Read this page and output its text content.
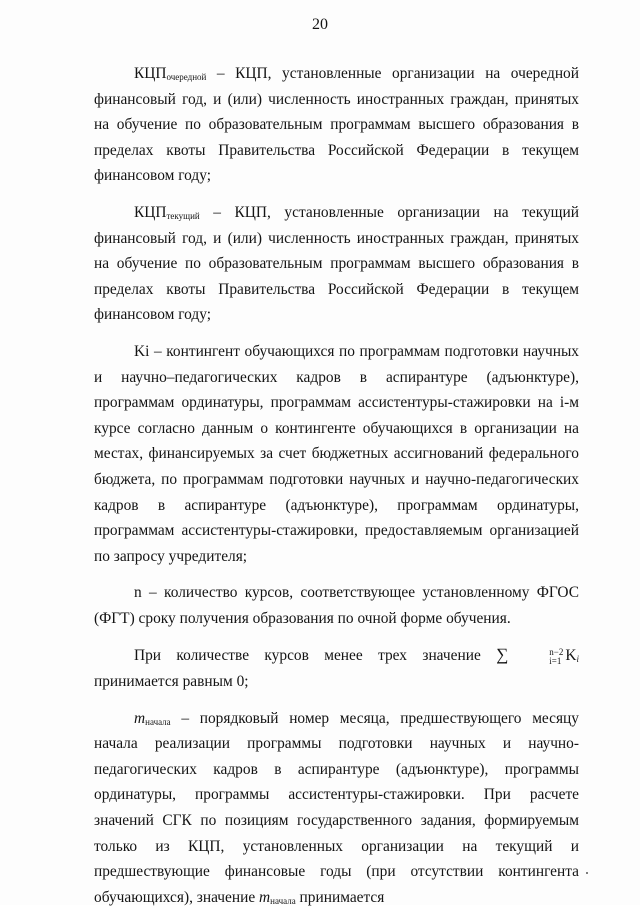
20

$КЦП_{очередной}$ – КЦП, установленные организации на очередной финансовый год, и (или) численность иностранных граждан, принятых на обучение по образовательным программам высшего образования в пределах квоты Правительства Российской Федерации в текущем финансовом году;

$КЦП_{текущий}$ – КЦП, установленные организации на текущий финансовый год, и (или) численность иностранных граждан, принятых на обучение по образовательным программам высшего образования в пределах квоты Правительства Российской Федерации в текущем финансовом году;

Ki – контингент обучающихся по программам подготовки научных и научно–педагогических кадров в аспирантуре (адъюнктуре), программам ординатуры, программам ассистентуры-стажировки на i-м курсе согласно данным о контингенте обучающихся в организации на местах, финансируемых за счет бюджетных ассигнований федерального бюджета, по программам подготовки научных и научно-педагогических кадров в аспирантуре (адъюнктуре), программам ординатуры, программам ассистентуры-стажировки, предоставляемым организацией по запросу учредителя;

n – количество курсов, соответствующее установленному ФГОС (ФГТ) сроку получения образования по очной форме обучения.

При количестве курсов менее трех значение ∑	n−2
i=1 $K_i$ принимается равным 0;

$m_{начала}$ – порядковый номер месяца, предшествующего месяцу начала реализации программы подготовки научных и научно-педагогических кадров в аспирантуре (адъюнктуре), программы ординатуры, программы ассистентуры-стажировки. При расчете значений СГК по позициям государственного задания, формируемым только из КЦП, установленных организации на текущий и предшествующие финансовые годы (при отсутствии контингента обучающихся), значение $m_{начала}$ принимается
